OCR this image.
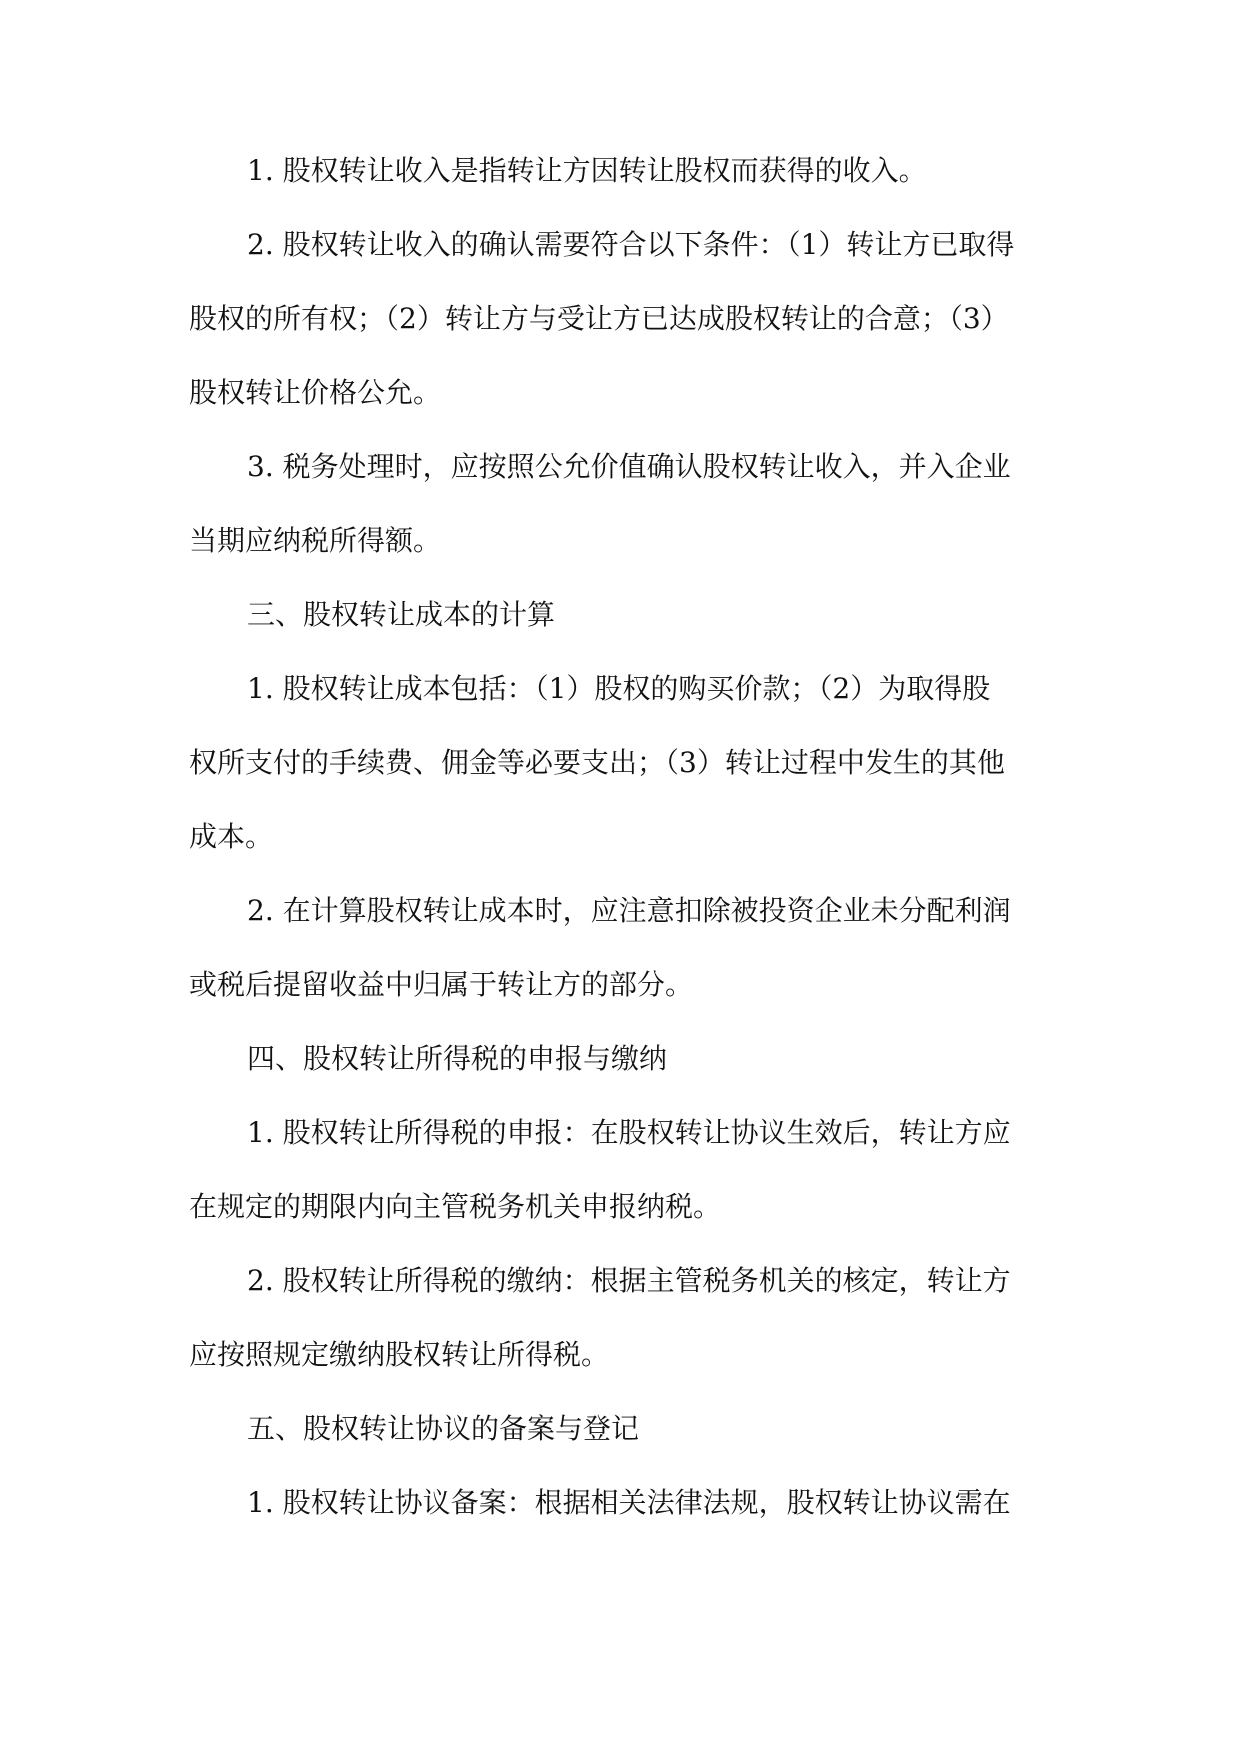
1. 股权转让收入是指转让方因转让股权而获得的收入。
2. 股权转让收入的确认需要符合以下条件：（1）转让方已取得
股权的所有权；（2）转让方与受让方已达成股权转让的合意；（3）
股权转让价格公允。
3. 税务处理时，应按照公允价值确认股权转让收入，并入企业
当期应纳税所得额。
三、股权转让成本的计算
1. 股权转让成本包括：（1）股权的购买价款；（2）为取得股
权所支付的手续费、佣金等必要支出；（3）转让过程中发生的其他
成本。
2. 在计算股权转让成本时，应注意扣除被投资企业未分配利润
或税后提留收益中归属于转让方的部分。
四、股权转让所得税的申报与缴纳
1. 股权转让所得税的申报：在股权转让协议生效后，转让方应
在规定的期限内向主管税务机关申报纳税。
2. 股权转让所得税的缴纳：根据主管税务机关的核定，转让方
应按照规定缴纳股权转让所得税。
五、股权转让协议的备案与登记
1. 股权转让协议备案：根据相关法律法规，股权转让协议需在
